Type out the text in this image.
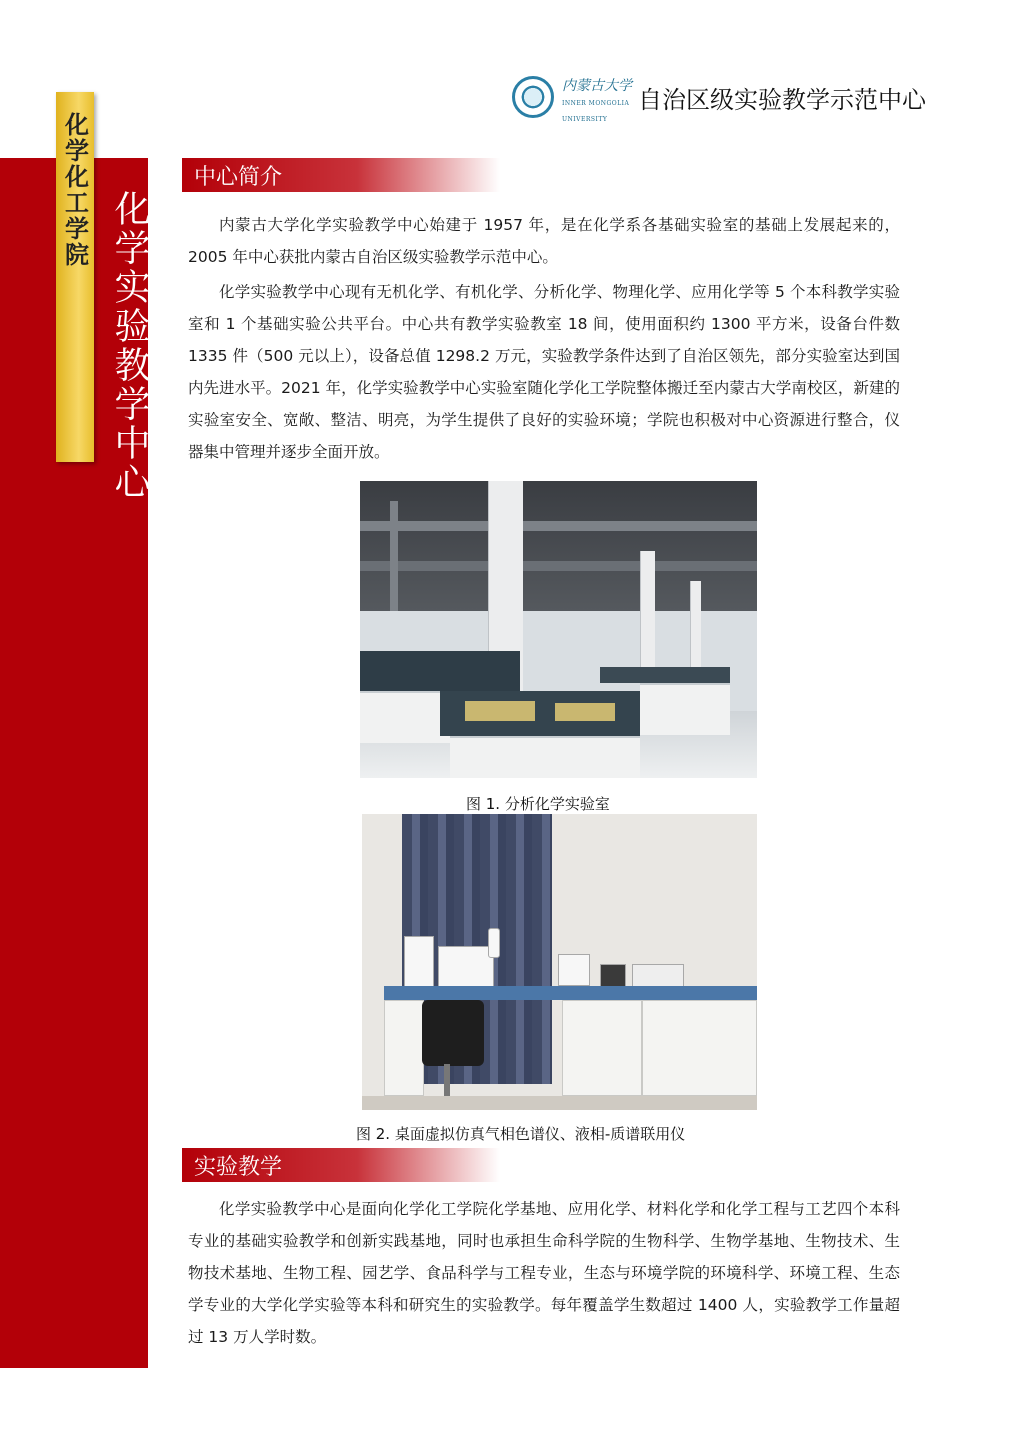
化学化工学院 化学实验教学中心
内蒙古大学
INNER MONGOLIA UNIVERSITY
自治区级实验教学示范中心
中心简介

内蒙古大学化学实验教学中心始建于 1957 年，是在化学系各基础实验室的基础上发展起来的，2005 年中心获批内蒙古自治区级实验教学示范中心。

化学实验教学中心现有无机化学、有机化学、分析化学、物理化学、应用化学等 5 个本科教学实验室和 1 个基础实验公共平台。中心共有教学实验教室 18 间，使用面积约 1300 平方米，设备台件数 1335 件（500 元以上），设备总值 1298.2 万元，实验教学条件达到了自治区领先，部分实验室达到国内先进水平。2021 年，化学实验教学中心实验室随化学化工学院整体搬迁至内蒙古大学南校区，新建的实验室安全、宽敞、整洁、明亮，为学生提供了良好的实验环境；学院也积极对中心资源进行整合，仪器集中管理并逐步全面开放。

图 1. 分析化学实验室
图 2. 桌面虚拟仿真气相色谱仪、液相-质谱联用仪
实验教学

化学实验教学中心是面向化学化工学院化学基地、应用化学、材料化学和化学工程与工艺四个本科专业的基础实验教学和创新实践基地，同时也承担生命科学院的生物科学、生物学基地、生物技术、生物技术基地、生物工程、园艺学、食品科学与工程专业，生态与环境学院的环境科学、环境工程、生态学专业的大学化学实验等本科和研究生的实验教学。每年覆盖学生数超过 1400 人，实验教学工作量超过 13 万人学时数。
